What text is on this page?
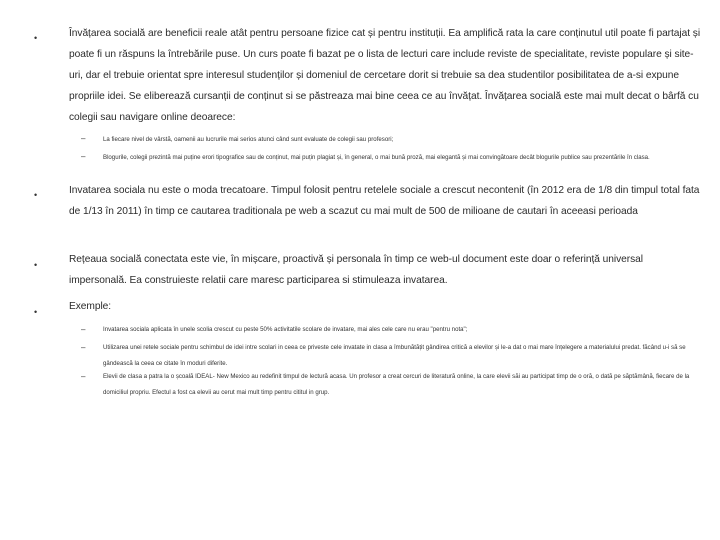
•	Învățarea socială are beneficii reale atât pentru persoane fizice cat și pentru instituții. Ea amplifică rata la care conținutul util poate fi partajat și poate fi un răspuns la întrebările puse. Un curs poate fi bazat pe o lista de lecturi care include reviste de specialitate, reviste populare și site-uri, dar el trebuie orientat spre interesul studenților și domeniul de cercetare dorit si trebuie sa dea studentilor posibilitatea de a-si expune propriile idei. Se eliberează cursanții de conținut si se păstreaza mai bine ceea ce au învățat. Învățarea socială este mai mult decat o bârfă cu colegii sau navigare online deoarece:
–	La fiecare nivel de vârstă, oamenii au lucrurile mai serios atunci când sunt evaluate de colegii sau profesori;
–	Blogurile, colegii prezintă mai puține erori tipografice sau de conținut, mai puțin plagiat și, în general, o mai bună proză, mai elegantă și mai convingătoare decât blogurile publice sau prezentările în clasa.
•	Invatarea sociala nu este o moda trecatoare. Timpul folosit pentru retelele sociale a crescut necontenit (în 2012 era de 1/8 din timpul total fata de 1/13 în 2011) în timp ce cautarea traditionala pe web a scazut cu mai mult de 500 de milioane de cautari în aceeasi perioada
•	Rețeaua socială conectata este vie, în mișcare, proactivă și personala în timp ce web-ul document este doar o referință universal impersonală. Ea construieste relatii care maresc participarea si stimuleaza invatarea.
•	Exemple:
–	Invatarea sociala aplicata în unele scolia crescut cu peste 50% activitatile scolare de invatare, mai ales cele care nu erau "pentru nota";
–	Utilizarea unei retele sociale pentru schimbul de idei intre scolari in ceea ce priveste cele invatate in clasa a îmbunătățit gândirea critică a elevilor și le-a dat o mai mare înțelegere a materialului predat. făcând u-i să se gândească la ceea ce citate în moduri diferite.
–	Elevii de clasa a patra la o școală IDEAL- New Mexico au redefinit timpul de lectură acasa. Un profesor a creat cercuri de literatură online, la care elevii săi au participat timp de o oră, o dată pe săptămână, fiecare de la domiciliul propriu. Efectul a fost ca elevii au cerut mai mult timp pentru cititul in grup.
